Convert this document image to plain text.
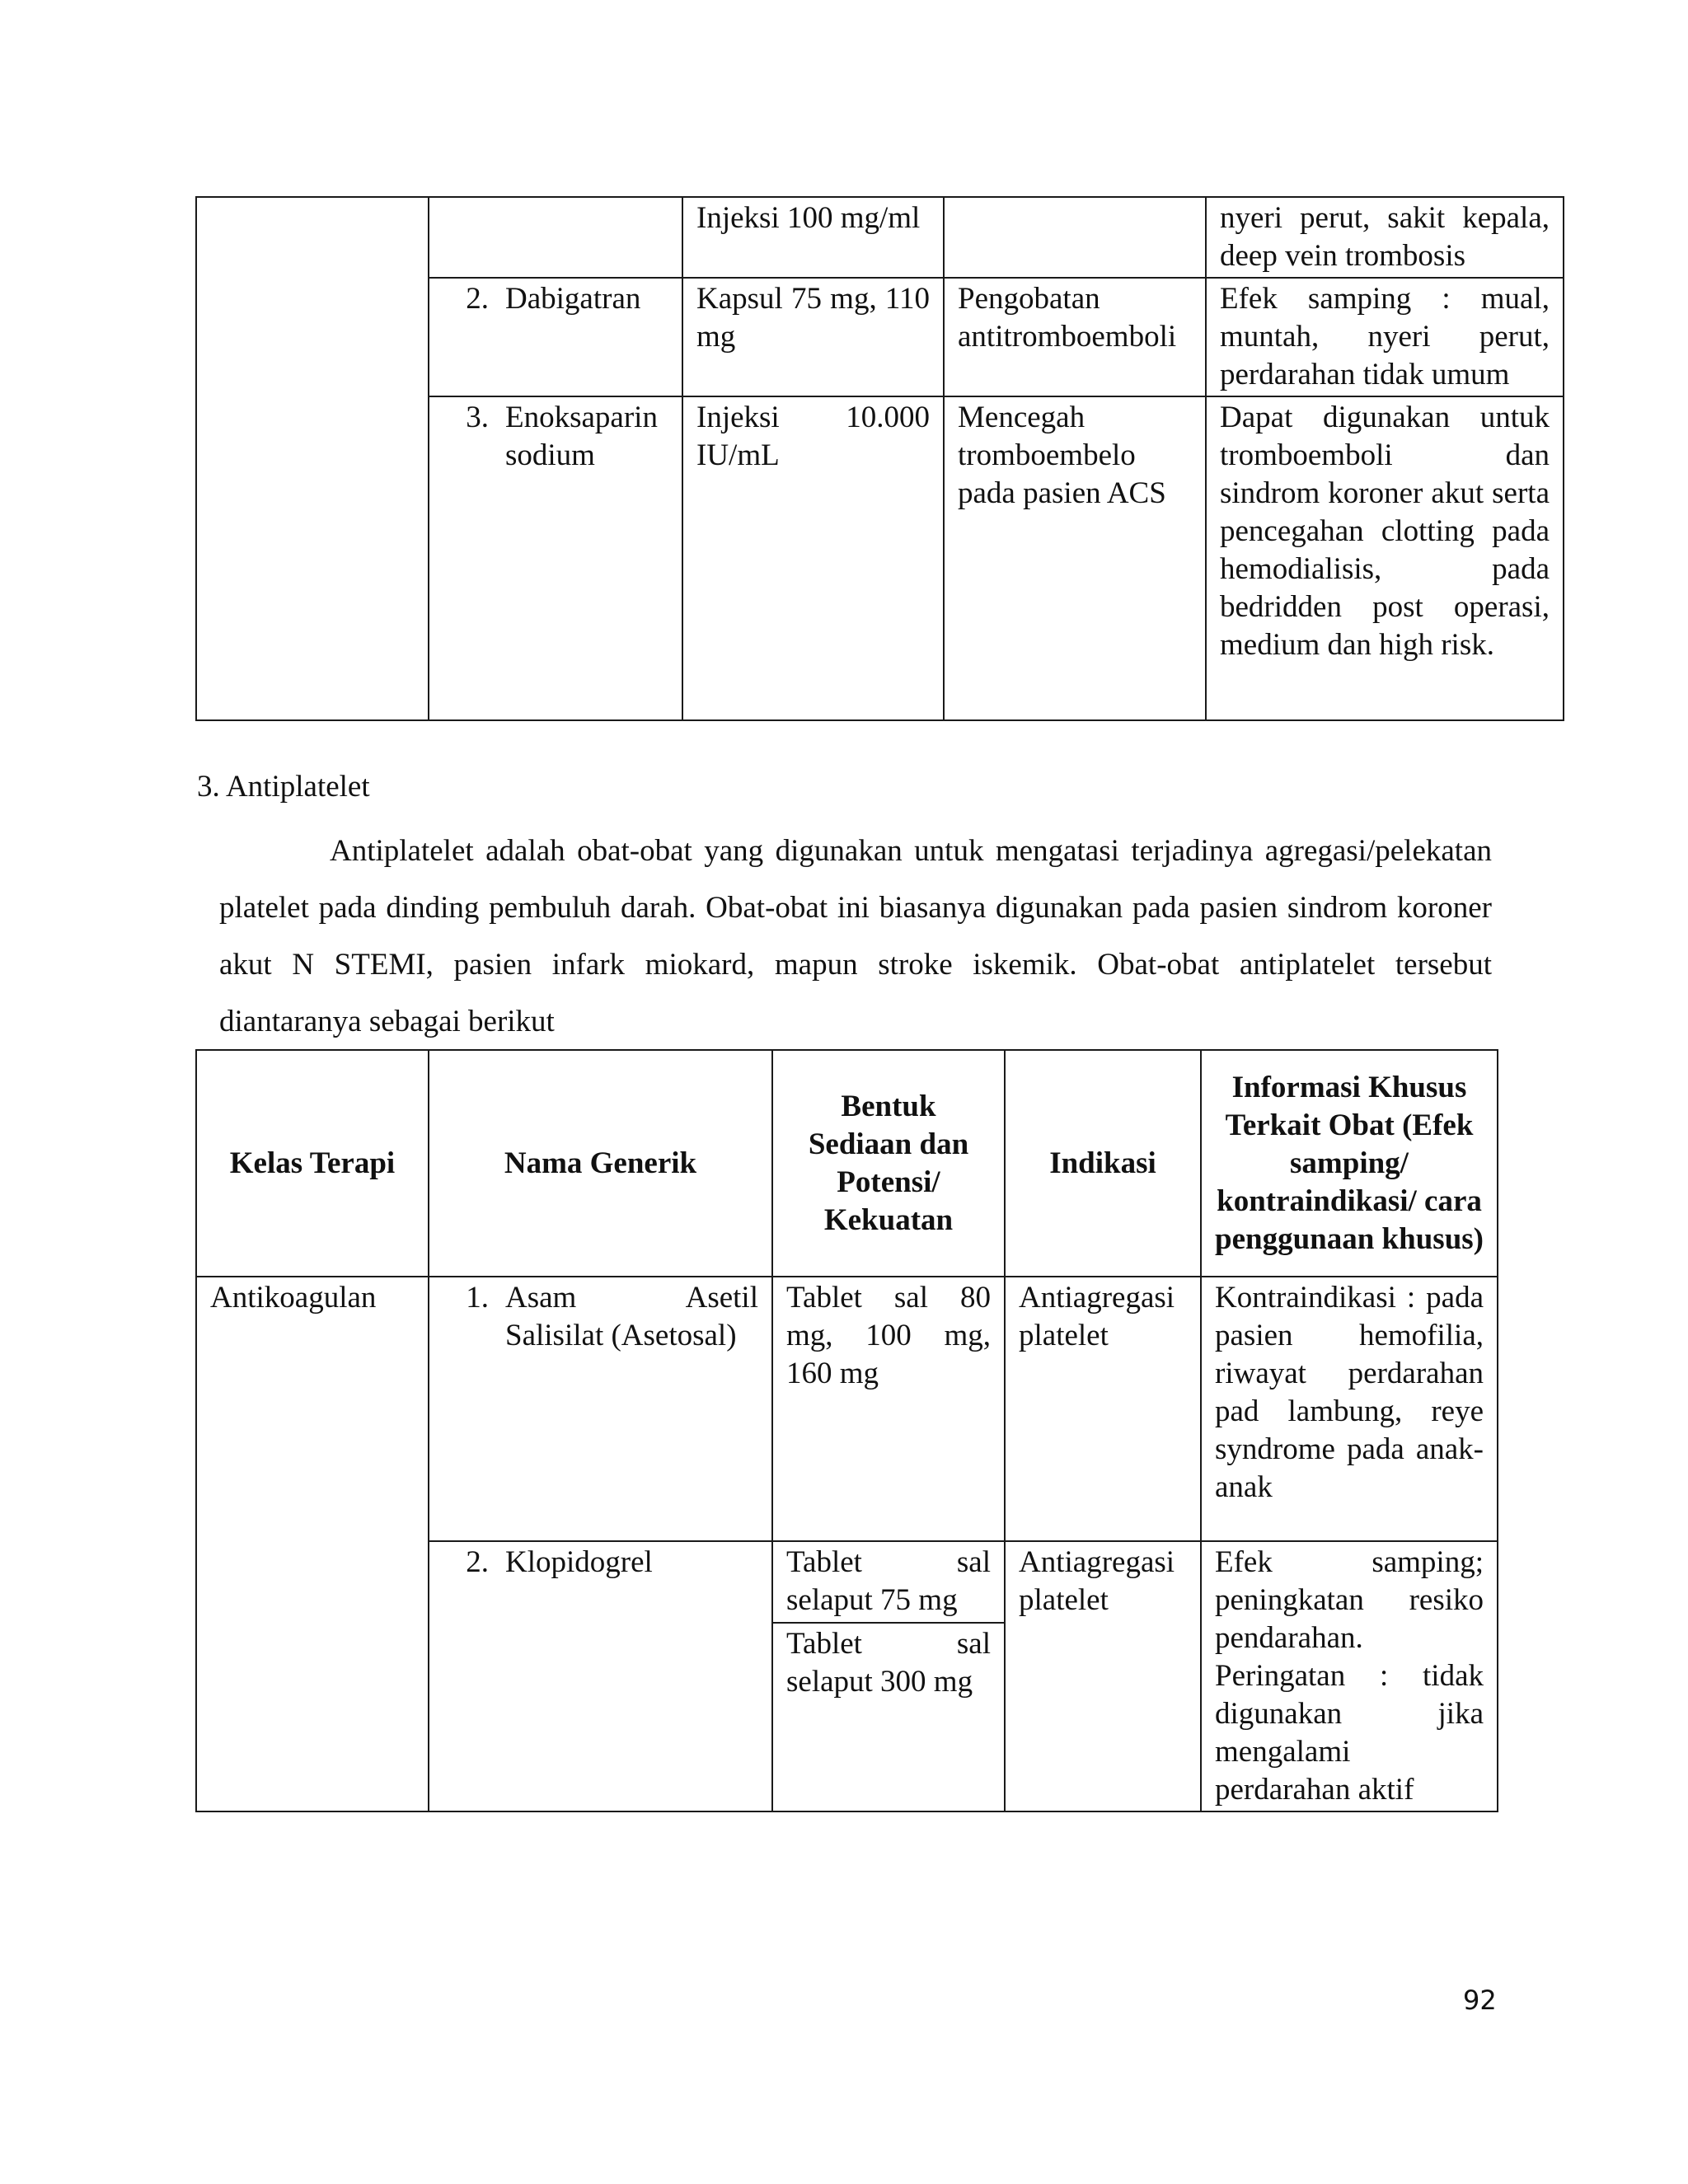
		Injeksi 100 mg/ml		nyeri perut, sakit kepala, deep vein trombosis

	2. Dabigatran	Kapsul 75 mg, 110 mg	Pengobatan antitromboemboli	Efek samping : mual, muntah, nyeri perut, perdarahan tidak umum

	3. Enoksaparin sodium	Injeksi 10.000 IU/mL	Mencegah tromboembelo pada pasien ACS	Dapat digunakan untuk tromboemboli dan sindrom koroner akut serta pencegahan clotting pada hemodialisis, pada bedridden post operasi, medium dan high risk.
3. Antiplatelet

Antiplatelet adalah obat-obat yang digunakan untuk mengatasi terjadinya agregasi/pelekatan platelet pada dinding pembuluh darah. Obat-obat ini biasanya digunakan pada pasien sindrom koroner akut N STEMI, pasien infark miokard, mapun stroke iskemik. Obat-obat antiplatelet tersebut diantaranya sebagai berikut

Kelas Terapi	Nama Generik	Bentuk Sediaan dan Potensi/ Kekuatan	Indikasi	Informasi Khusus Terkait Obat (Efek samping/ kontraindikasi/ cara penggunaan khusus)

Antikoagulan	1. Asam Asetil Salisilat (Asetosal)	Tablet sal 80 mg, 100 mg, 160 mg	Antiagregasi platelet	Kontraindikasi : pada pasien hemofilia, riwayat perdarahan pad lambung, reye syndrome pada anak-anak

	2. Klopidogrel	Tablet sal selaput 75 mg	Antiagregasi platelet	Efek samping; peningkatan resiko pendarahan. Peringatan : tidak digunakan jika mengalami perdarahan aktif

		Tablet sal selaput 300 mg		
92
